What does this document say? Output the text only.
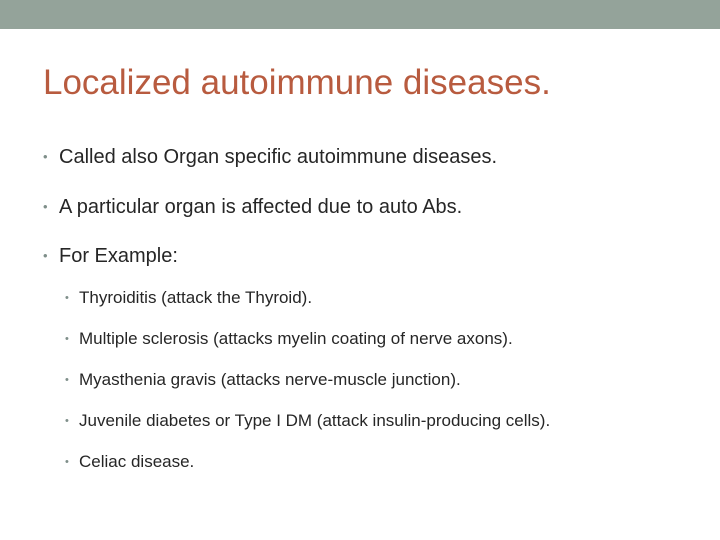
Localized autoimmune diseases.
• Called also Organ specific autoimmune diseases.
• A particular organ is affected due to auto Abs.
• For Example:
• Thyroiditis (attack the Thyroid).
• Multiple sclerosis (attacks myelin coating of nerve axons).
• Myasthenia gravis (attacks nerve-muscle junction).
• Juvenile diabetes or Type I DM (attack insulin-producing cells).
• Celiac disease.
